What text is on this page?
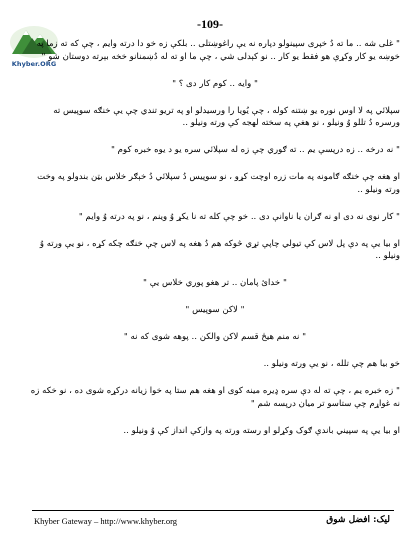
Khyber.ORG
-109-

" غلی شه .. ما ته دُ خپری سپینولو دپاره نه يې راغوښتلی .. بلکې زه خو دا درته وايم ، چې که ته زما په خوښه يو کار وکړې هو فقط يو کار .. نو کېدلی شي ، چې ما او ته له دُښمنانو خخه بېرته دوستان شو "

" وايه .. کوم کار دی ؟ "

سپلائي په لا اوس نوره يو ښتنه کوله ، چې يُويا را ورسيدلو او په تريو تندي چې يې خنګه سوپيس ته ورسره دُ تللو وُ ونيلو ، نو هغې په سخته لهجه کې ورته ونيلو ..

" نه درخه .. زه درپسې يم .. ته ګوري چې زه له سپلائي سره يو د يوه خبره کوم "

او هغه چې خنګه ګامونه په مات زره اوچت کړو ، نو سوپيس دُ سپلائي دُ خېګر خلاس بټن بندولو په وخت ورته ونيلو ..

" کار نوی نه دی او نه ګران يا ناوانې دی .. خو چې کله ته نا يکړ وُ وينم ، نو په درته وُ وايم "

او بيا يې په دې پل لاس کې تيولي چاپې تړي څوکه هم دُ هغه په لاس چې خنګه چکه کړه ، نو يې ورته وُ ونيلو ..

" خدائ پامان .. تر هغو پوري خلاس يې "

" لاکن سوپيس "

" نه منم هيڅ قسم لاکن والکن .. پوهه شوی که نه "

خو بيا هم چې تلله ، نو يې ورته ونيلو ..

" زه خبره يم ، چې ته له دې سره ډيره مينه کوی او هغه هم ستا په خوا زيانه درکړه شوی ده ، نو خکه زه نه غواړم چې ستاسو تر ميان درپسه شم "

او بيا يې په سپيني باندې ګوک وکړلو او رسته ورته په وازکې انداز کې وُ ونيلو ..

Khyber Gateway – http://www.khyber.org	لیک: افضل شوق
